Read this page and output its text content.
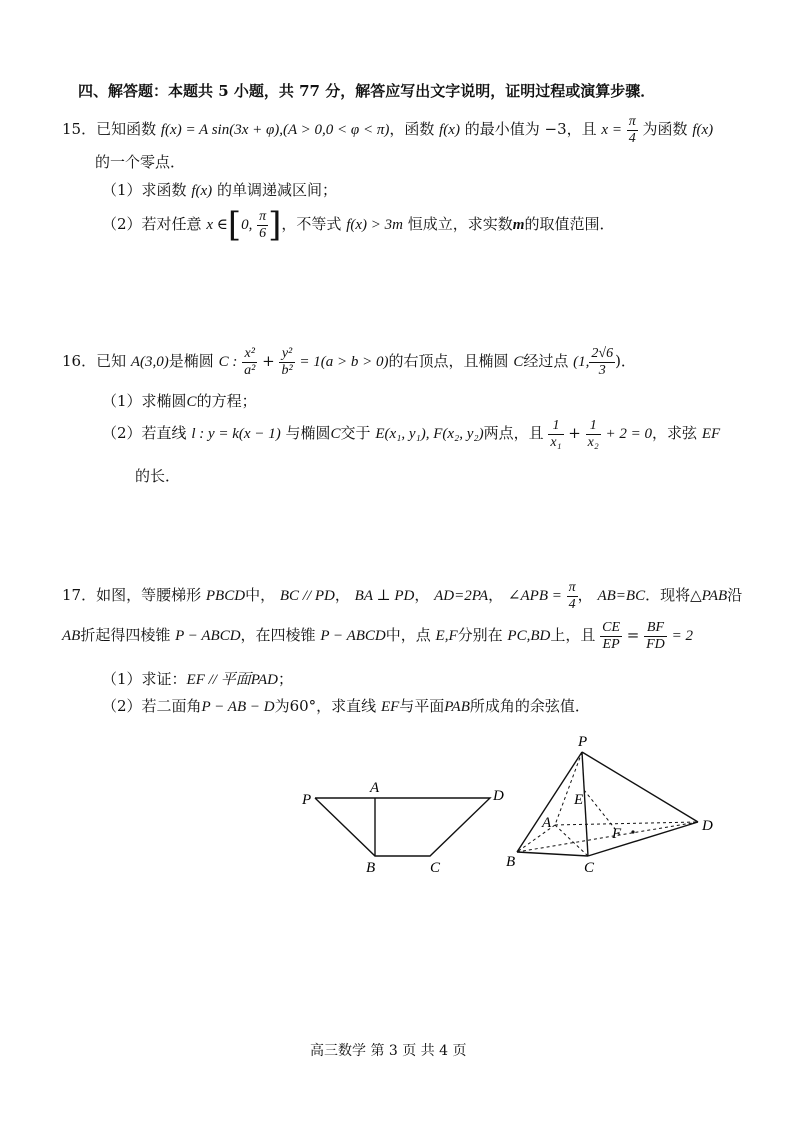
四、解答题：本题共 5 小题，共 77 分，解答应写出文字说明，证明过程或演算步骤．
15．已知函数 f(x) = A sin(3x + φ),(A > 0,0 < φ < π)，函数 f(x) 的最小值为 −3，且 $x = \frac{\pi}{4}$ 为函数 f(x)
的一个零点．
（1）求函数 f(x) 的单调递减区间；
（2）若对任意 x ∈[0, $\frac{\pi}{6}$ ]，不等式 f(x) > 3m 恒成立，求实数m的取值范围．
16．已知 A(3,0)是椭圆 C : $\frac{\text{x²}}{\text{a²}} + \frac{\text{y²}}{\text{b²}} = 1(a > b > 0)$的右顶点，且椭圆 C经过点 (1, $\frac{2√6}{3}$ )．
（1）求椭圆C的方程；
（2）若直线 l : y = k(x − 1) 与椭圆C交于 E(x₁, y₁), F(x₂, y₂)两点，且 $\frac{1}{\text{x₁}} + \frac{1}{\text{x₂}} + 2 = 0$，求弦 EF
的长．
17．如图，等腰梯形 PBCD中， BC // PD， BA ⊥ PD， AD=2PA， ∠APB = $\frac{\pi}{4}$ ， AB=BC．现将△PAB沿
AB折起得四棱锥 P − ABCD，在四棱锥 P − ABCD中，点 E,F分别在 PC,BD上，且 $\frac{CE}{EP} = \frac{BF}{FD} = 2$
（1）求证：EF // 平面PAD；
（2）若二面角P − AB − D为60°，求直线 EF与平面PAB所成角的余弦值．
P
A	D
B	C
P
E
A
F	D
B	C
高三数学 第 3 页 共 4 页
